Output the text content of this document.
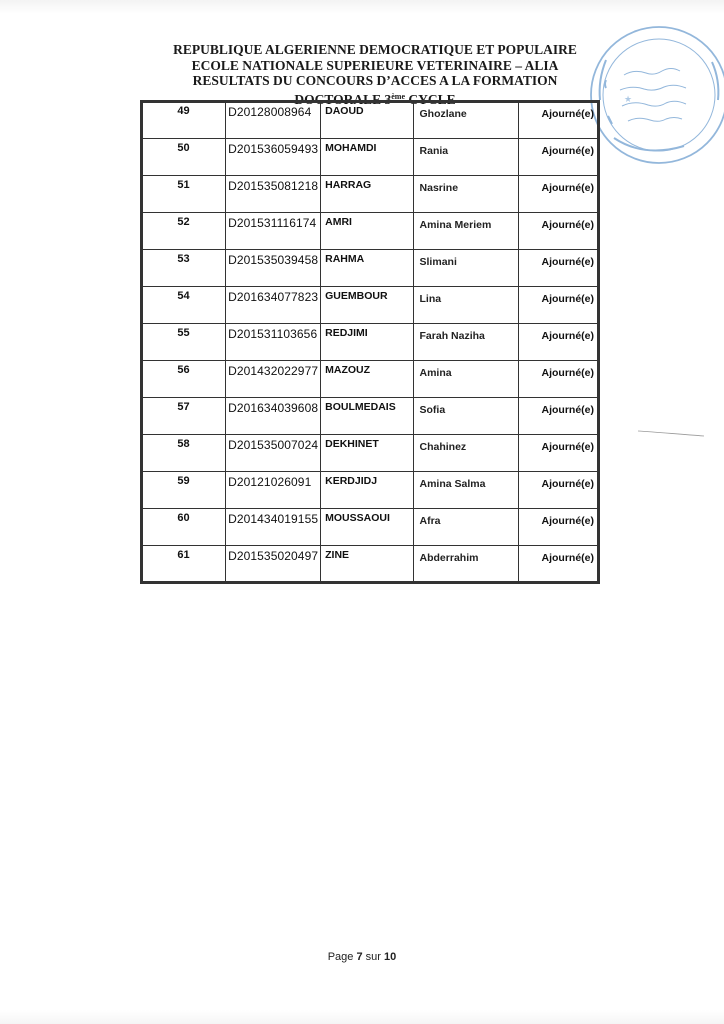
REPUBLIQUE ALGERIENNE DEMOCRATIQUE ET POPULAIRE
ECOLE NATIONALE SUPERIEURE VETERINAIRE – ALIA
RESULTATS DU CONCOURS D’ACCES A LA FORMATION
DOCTORALE 3ème CYCLE	★
49	D20128008964	DAOUD	Ghozlane	Ajourné(e)
50	D201536059493	MOHAMDI	Rania	Ajourné(e)
51	D201535081218	HARRAG	Nasrine	Ajourné(e)
52	D201531116174	AMRI	Amina Meriem	Ajourné(e)
53	D201535039458	RAHMA	Slimani	Ajourné(e)
54	D201634077823	GUEMBOUR	Lina	Ajourné(e)
55	D201531103656	REDJIMI	Farah Naziha	Ajourné(e)
56	D201432022977	MAZOUZ	Amina	Ajourné(e)
57	D201634039608	BOULMEDAIS	Sofia	Ajourné(e)
58	D201535007024	DEKHINET	Chahinez	Ajourné(e)
59	D20121026091	KERDJIDJ	Amina Salma	Ajourné(e)
60	D201434019155	MOUSSAOUI	Afra	Ajourné(e)
61	D201535020497	ZINE	Abderrahim	Ajourné(e)
Page 7 sur 10
